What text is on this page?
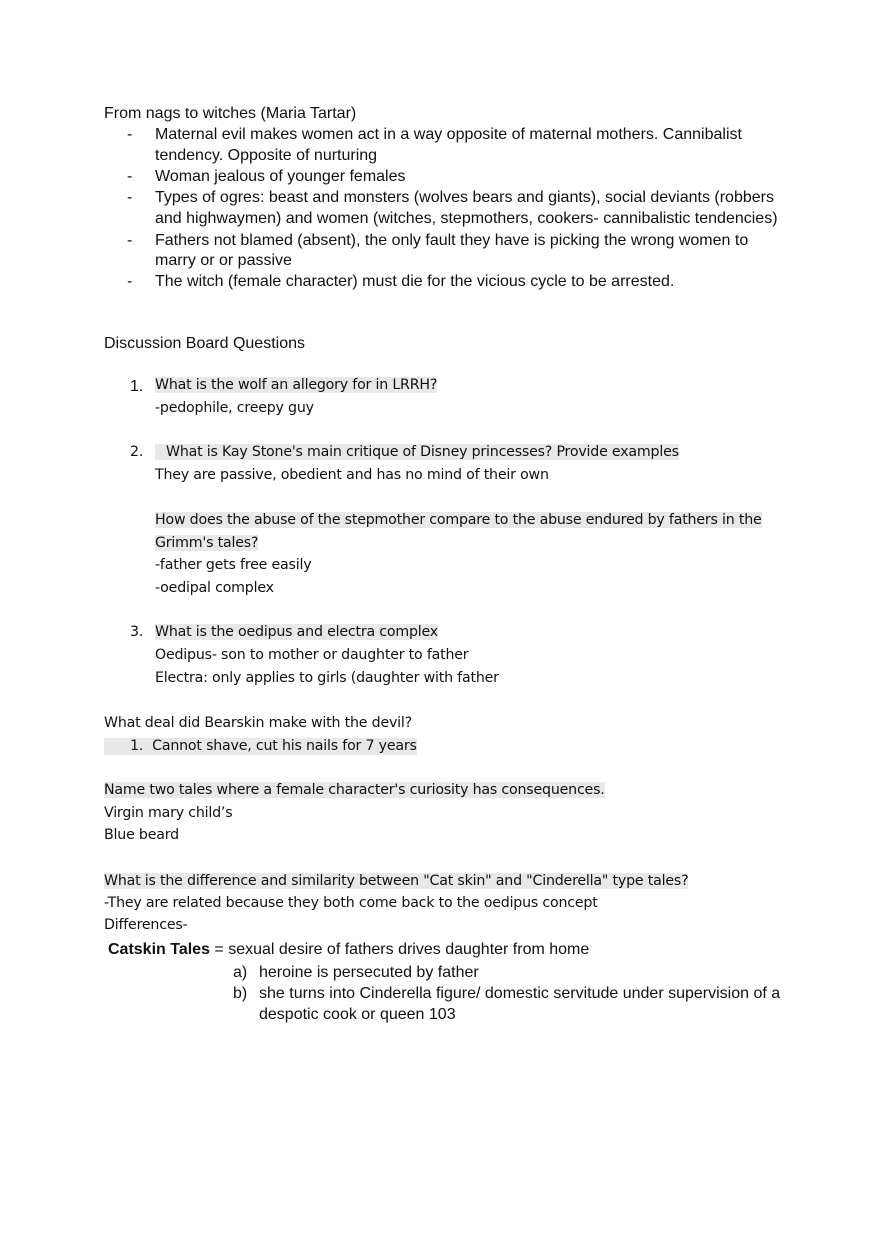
From nags to witches (Maria Tartar)
- Maternal evil makes women act in a way opposite of maternal mothers. Cannibalist
tendency. Opposite of nurturing
- Woman jealous of younger females
- Types of ogres: beast and monsters (wolves bears and giants), social deviants (robbers
and highwaymen) and women (witches, stepmothers, cookers- cannibalistic tendencies)
- Fathers not blamed (absent), the only fault they have is picking the wrong women to
marry or or passive
- The witch (female character) must die for the vicious cycle to be arrested.
Discussion Board Questions
1. What is the wolf an allegory for in LRRH?
-pedophile, creepy guy
2.	What is Kay Stone's main critique of Disney princesses? Provide examples
They are passive, obedient and has no mind of their own
How does the abuse of the stepmother compare to the abuse endured by fathers in the
Grimm's tales?
-father gets free easily
-oedipal complex
3. What is the oedipus and electra complex
Oedipus- son to mother or daughter to father
Electra: only applies to girls (daughter with father
What deal did Bearskin make with the devil?
1. Cannot shave, cut his nails for 7 years
Name two tales where a female character's curiosity has consequences.
Virgin mary child’s
Blue beard
What is the difference and similarity between "Cat skin" and "Cinderella" type tales?
-They are related because they both come back to the oedipus concept
Differences-
Catskin Tales = sexual desire of fathers drives daughter from home
a) heroine is persecuted by father
b) she turns into Cinderella figure/ domestic servitude under supervision of a
despotic cook or queen 103
